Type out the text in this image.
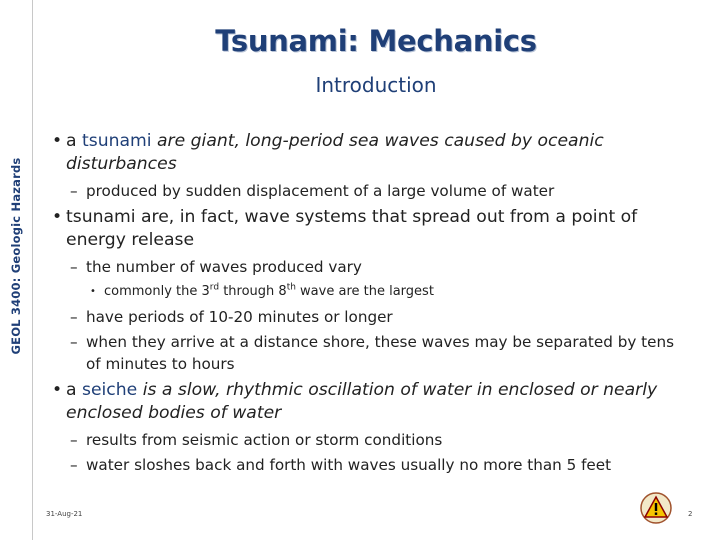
GEOL 3400: Geologic Hazards
Tsunami: Mechanics
Introduction
• a tsunami are giant, long-period sea waves caused by oceanic disturbances
– produced by sudden displacement of a large volume of water
• tsunami are, in fact, wave systems that spread out from a point of energy release
– the number of waves produced vary
• commonly the 3rd through 8th wave are the largest
– have periods of 10-20 minutes or longer
– when they arrive at a distance shore, these waves may be separated by tens of minutes to hours
• a seiche is a slow, rhythmic oscillation of water in enclosed or nearly enclosed bodies of water
– results from seismic action or storm conditions
– water sloshes back and forth with waves usually no more than 5 feet
31-Aug-21	2
